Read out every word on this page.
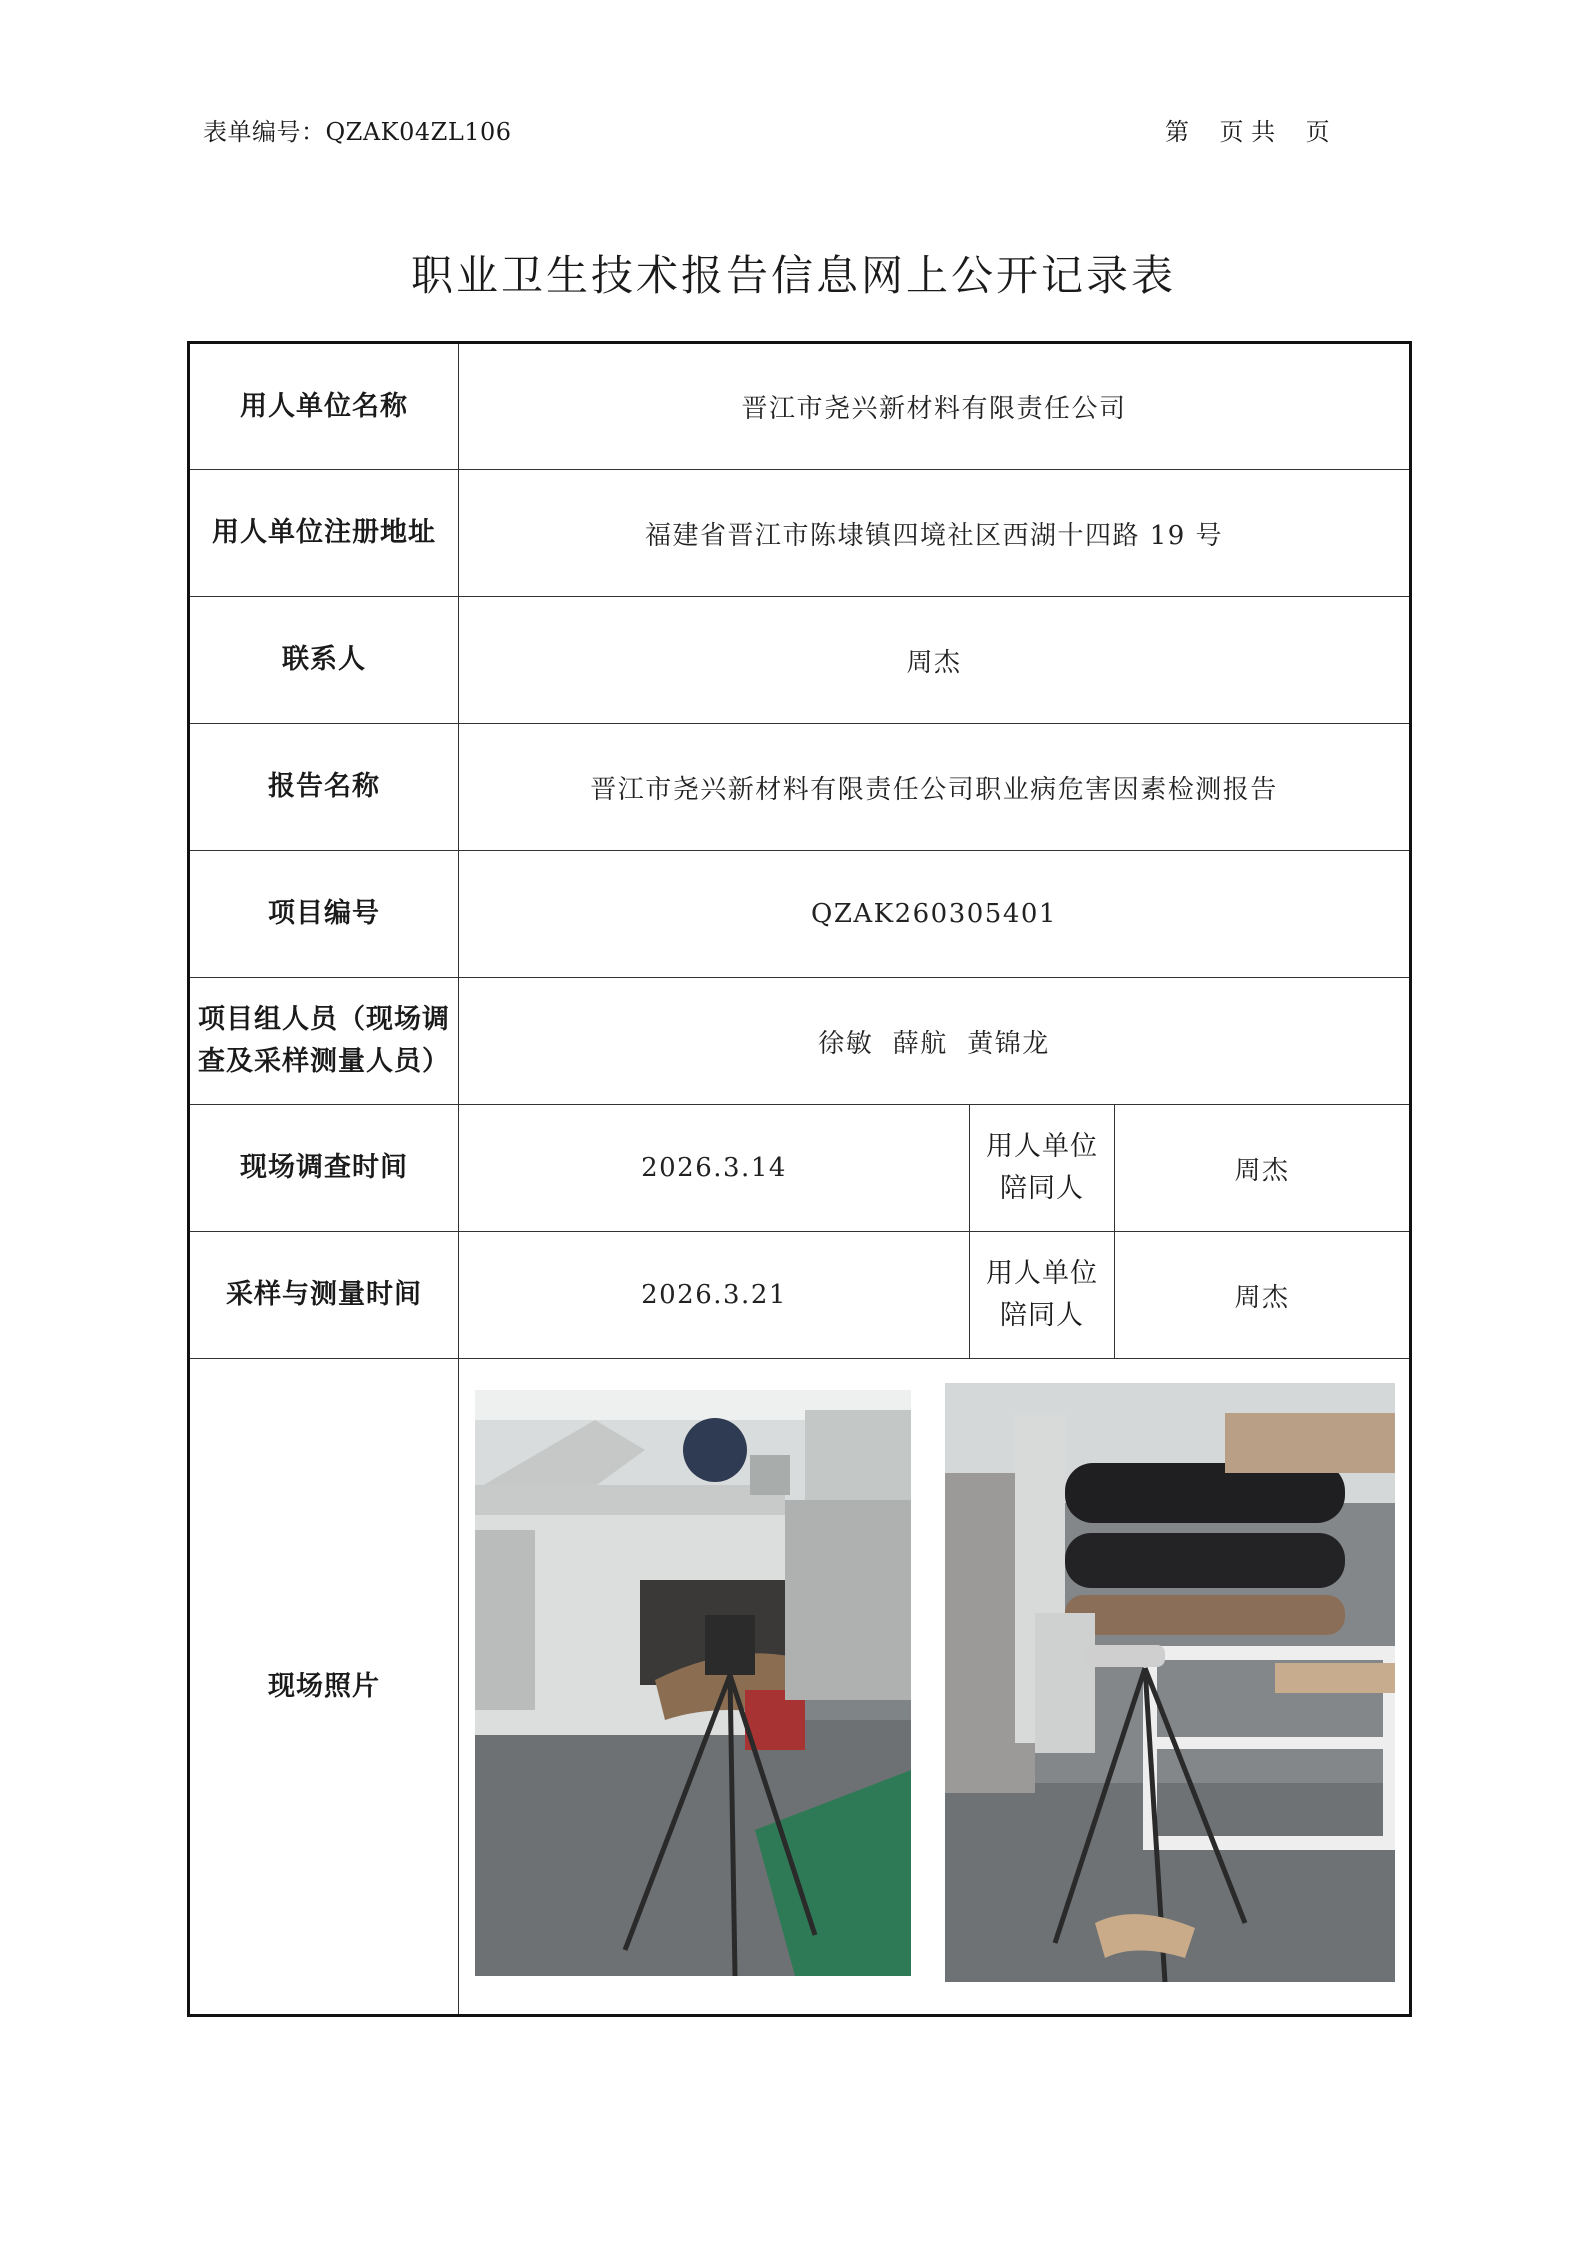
表单编号：QZAK04ZL106	第    页 共    页
职业卫生技术报告信息网上公开记录表
用人单位名称	晋江市尧兴新材料有限责任公司		
用人单位注册地址	福建省晋江市陈埭镇四境社区西湖十四路 19 号		
联系人	周杰		
报告名称	晋江市尧兴新材料有限责任公司职业病危害因素检测报告		
项目编号	QZAK260305401		

项目组人员（现场调
查及采样测量人员）	徐敏  薛航  黄锦龙		
现场调查时间	2026.3.14	用人单位
陪同人	周杰
采样与测量时间	2026.3.21	用人单位
陪同人	周杰
现场照片	
